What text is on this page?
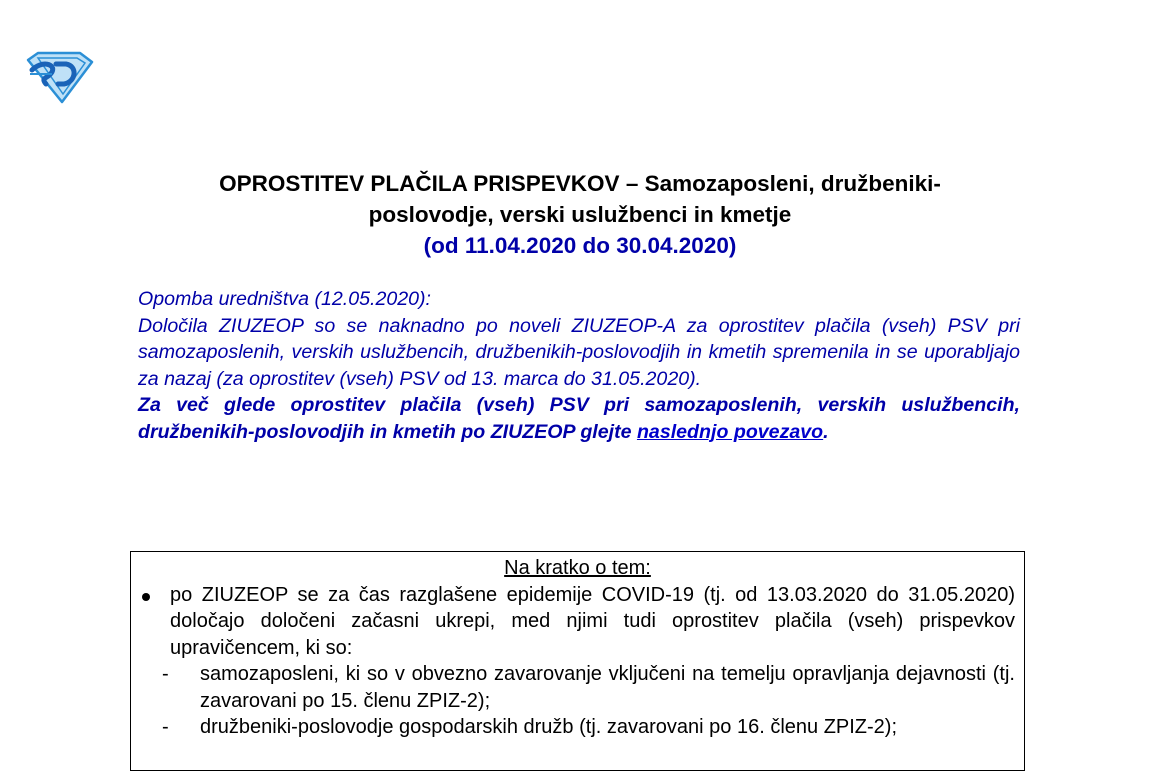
OPROSTITEV PLAČILA PRISPEVKOV – Samozaposleni, družbeniki-
poslovodje, verski uslužbenci in kmetje
(od 11.04.2020 do 30.04.2020)

Opomba uredništva (12.05.2020):

Določila ZIUZEOP so se naknadno po noveli ZIUZEOP-A za oprostitev plačila (vseh) PSV pri samozaposlenih, verskih uslužbencih, družbenikih-poslovodjih in kmetih spremenila in se uporabljajo za nazaj (za oprostitev (vseh) PSV od 13. marca do 31.05.2020).

Za več glede oprostitev plačila (vseh) PSV pri samozaposlenih, verskih uslužbencih, družbenikih-poslovodjih in kmetih po ZIUZEOP glejte naslednjo povezavo.

Na kratko o tem:
po ZIUZEOP se za čas razglašene epidemije COVID-19 (tj. od 13.03.2020 do 31.05.2020) določajo določeni začasni ukrepi, med njimi tudi oprostitev plačila (vseh) prispevkov upravičencem, ki so:
- samozaposleni, ki so v obvezno zavarovanje vključeni na temelju opravljanja dejavnosti (tj. zavarovani po 15. členu ZPIZ-2);
- družbeniki-poslovodje gospodarskih družb (tj. zavarovani po 16. členu ZPIZ-2);
